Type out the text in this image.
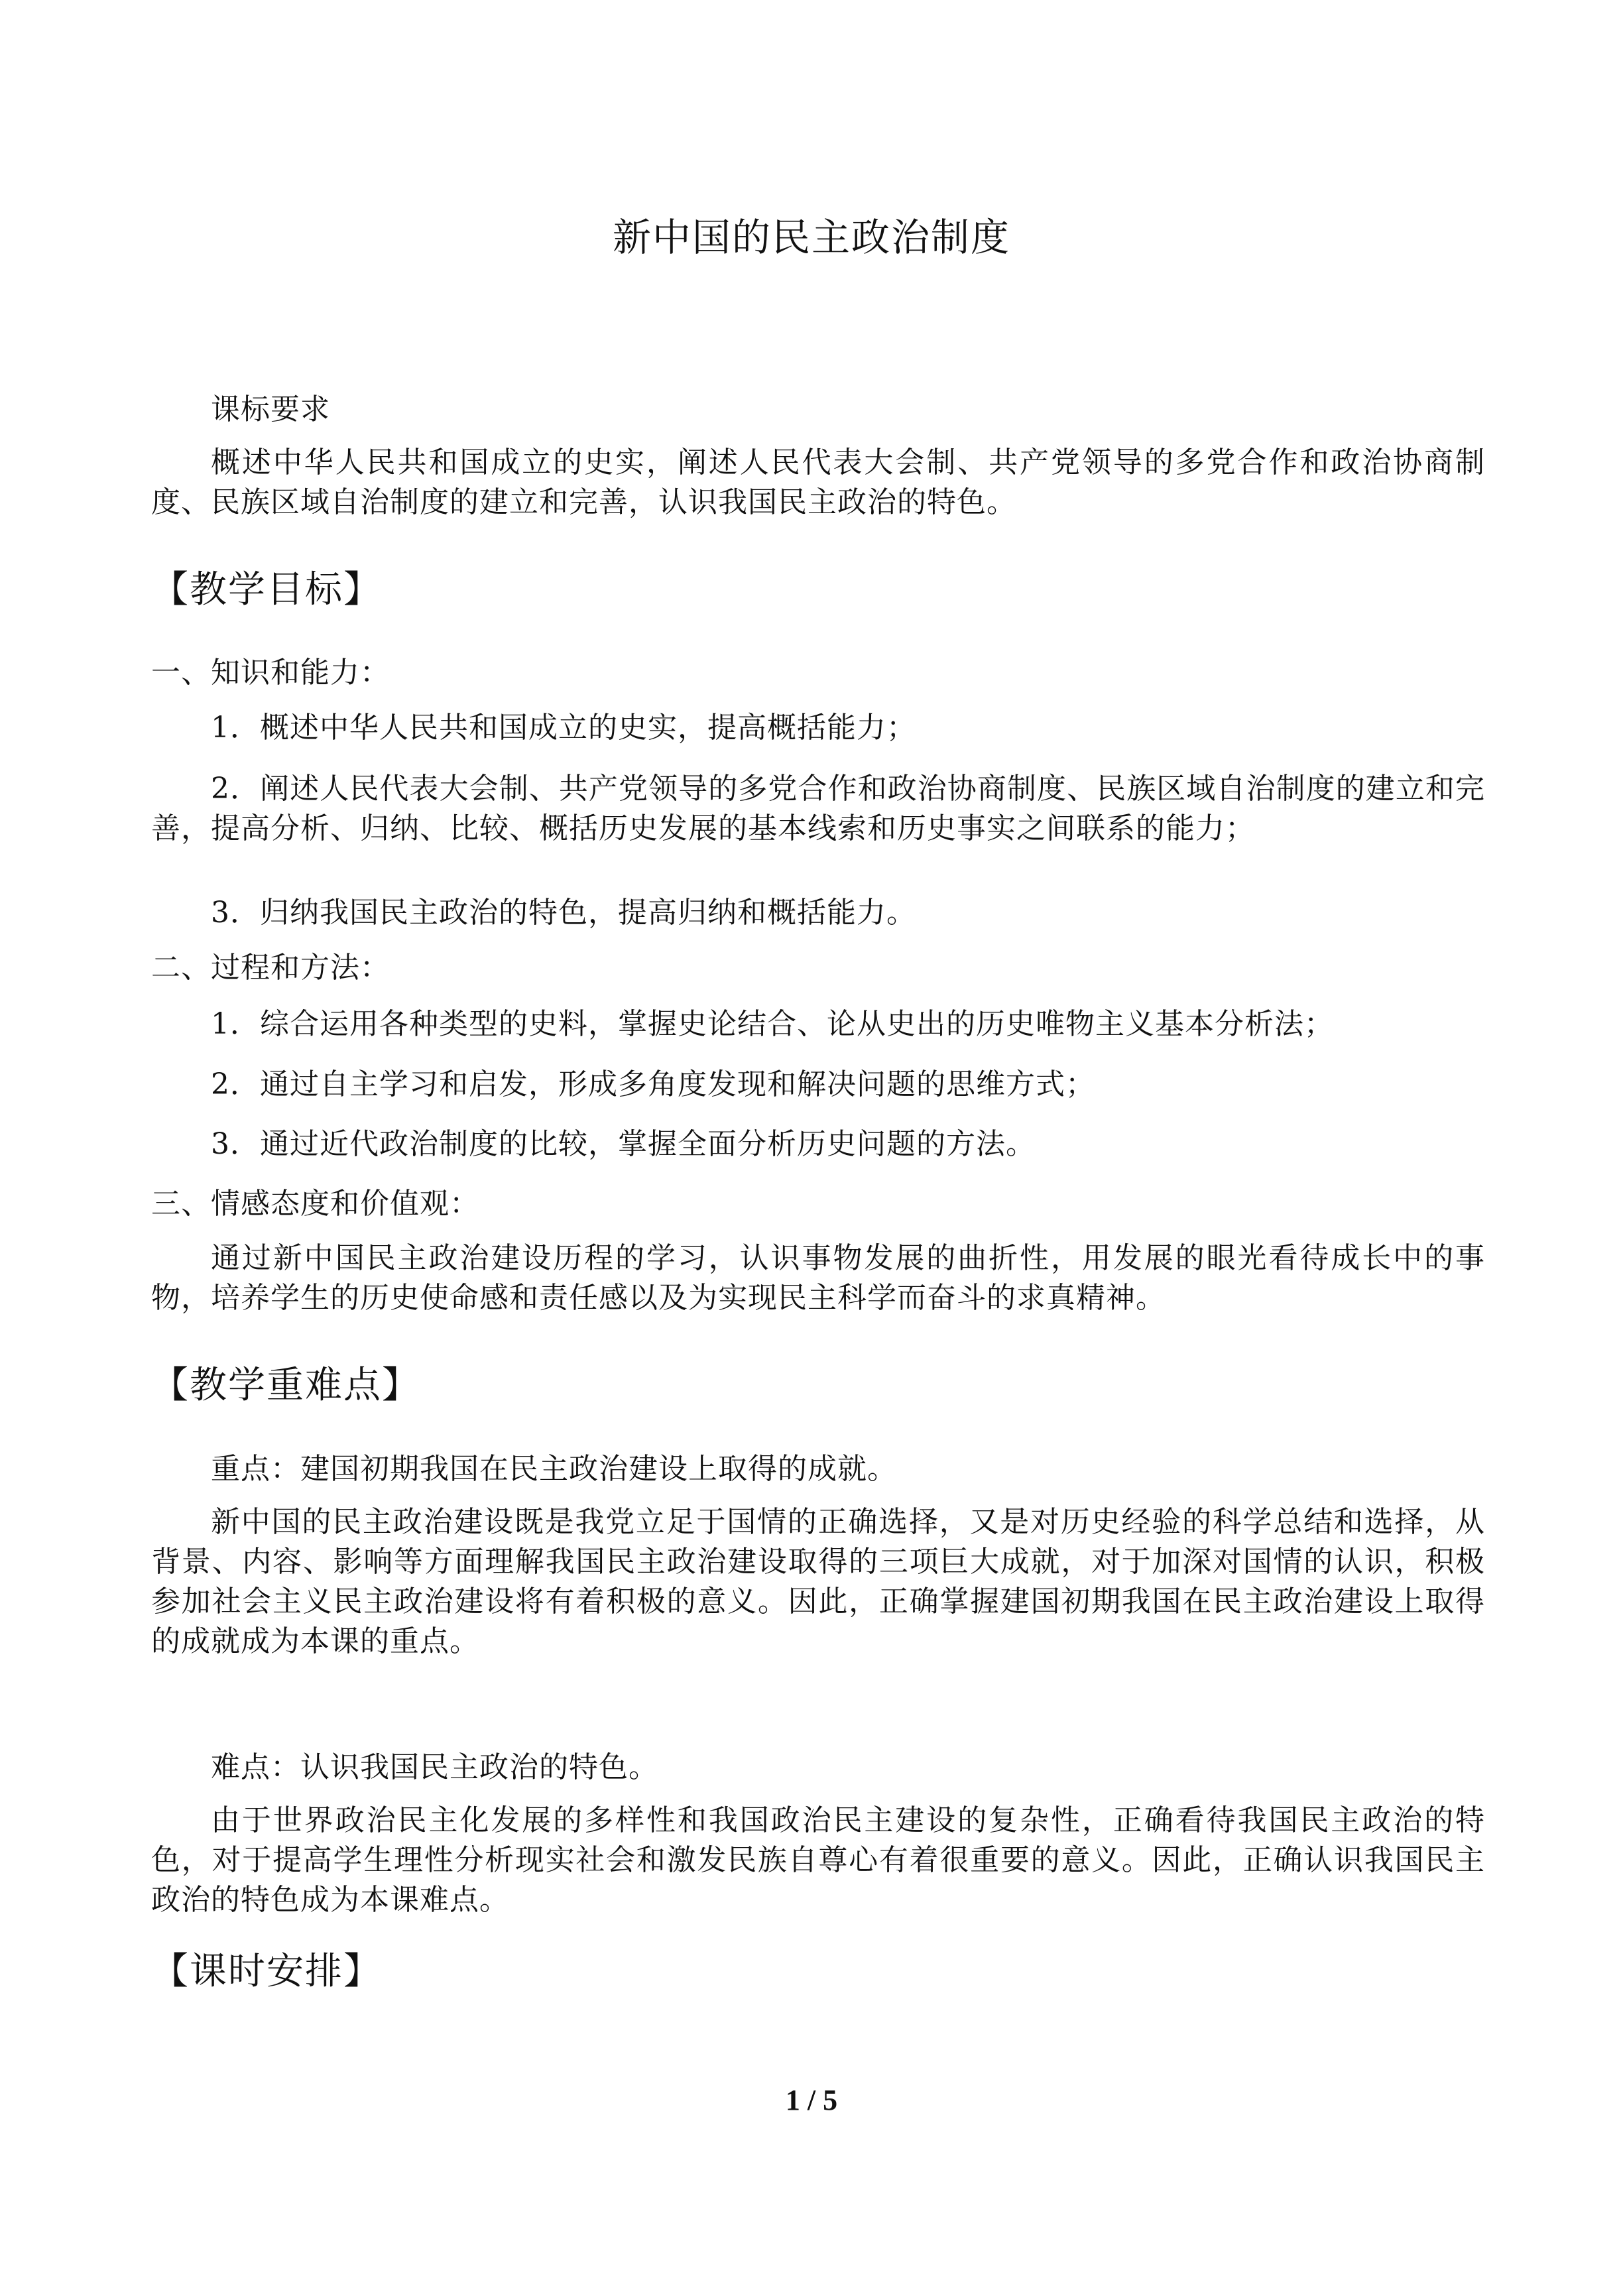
新中国的民主政治制度

课标要求

概述中华人民共和国成立的史实，阐述人民代表大会制、共产党领导的多党合作和政治协商制度、民族区域自治制度的建立和完善，认识我国民主政治的特色。

【教学目标】

一、知识和能力：

1．概述中华人民共和国成立的史实，提高概括能力；

2．阐述人民代表大会制、共产党领导的多党合作和政治协商制度、民族区域自治制度的建立和完善，提高分析、归纳、比较、概括历史发展的基本线索和历史事实之间联系的能力；

3．归纳我国民主政治的特色，提高归纳和概括能力。

二、过程和方法：

1．综合运用各种类型的史料，掌握史论结合、论从史出的历史唯物主义基本分析法；

2．通过自主学习和启发，形成多角度发现和解决问题的思维方式；

3．通过近代政治制度的比较，掌握全面分析历史问题的方法。

三、情感态度和价值观：

通过新中国民主政治建设历程的学习，认识事物发展的曲折性，用发展的眼光看待成长中的事物，培养学生的历史使命感和责任感以及为实现民主科学而奋斗的求真精神。

【教学重难点】

重点：建国初期我国在民主政治建设上取得的成就。

新中国的民主政治建设既是我党立足于国情的正确选择，又是对历史经验的科学总结和选择，从背景、内容、影响等方面理解我国民主政治建设取得的三项巨大成就，对于加深对国情的认识，积极参加社会主义民主政治建设将有着积极的意义。因此，正确掌握建国初期我国在民主政治建设上取得的成就成为本课的重点。

难点：认识我国民主政治的特色。

由于世界政治民主化发展的多样性和我国政治民主建设的复杂性，正确看待我国民主政治的特色，对于提高学生理性分析现实社会和激发民族自尊心有着很重要的意义。因此，正确认识我国民主政治的特色成为本课难点。

【课时安排】
1 / 5
